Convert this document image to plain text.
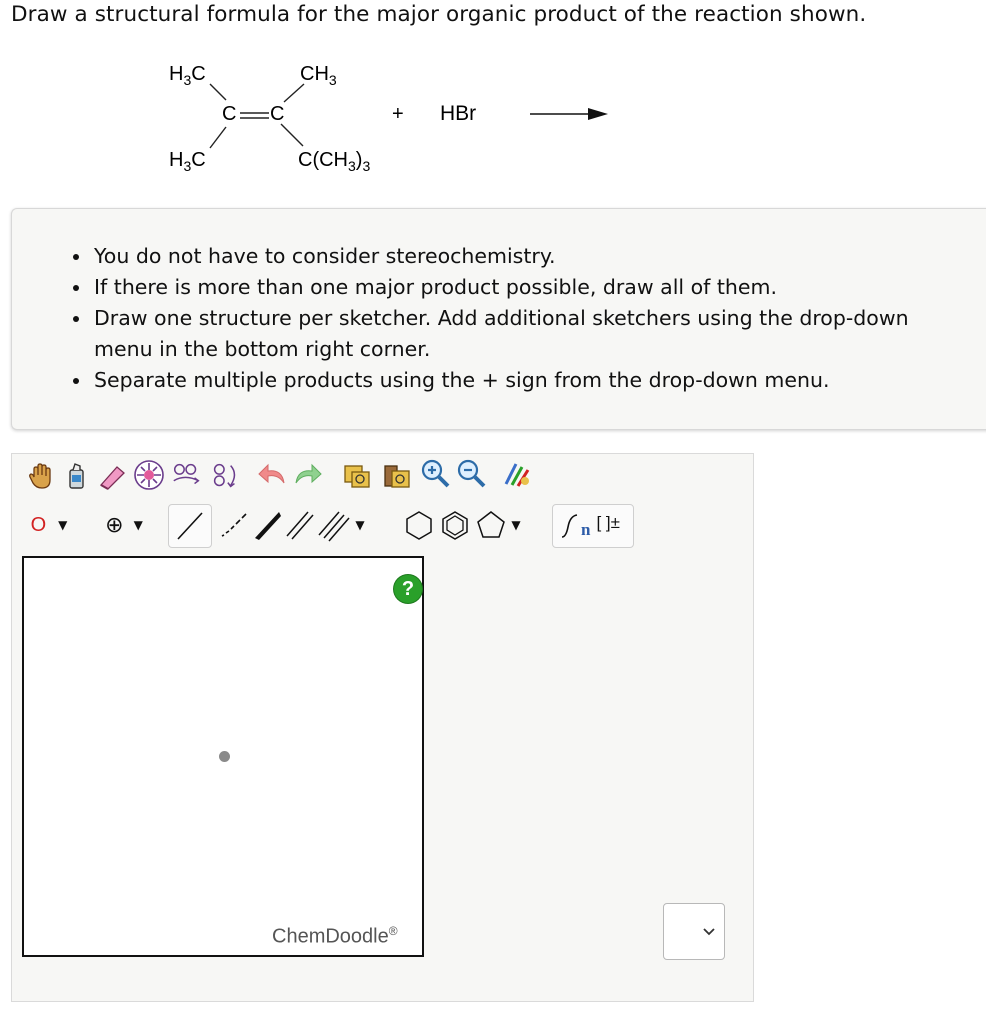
Draw a structural formula for the major organic product of the reaction shown.
$H_3C$	$CH_3$
C C
$H_3C$	$C(CH_3)_3$
+ HBr
• You do not have to consider stereochemistry.
• If there is more than one major product possible, draw all of them.
• Draw one structure per sketcher. Add additional sketchers using the drop-down menu in the bottom right corner.
• Separate multiple products using the + sign from the drop-down menu.
O ▼ ⊕ ▼	▼	▼	n [ ]±
?
ChemDoodle®
